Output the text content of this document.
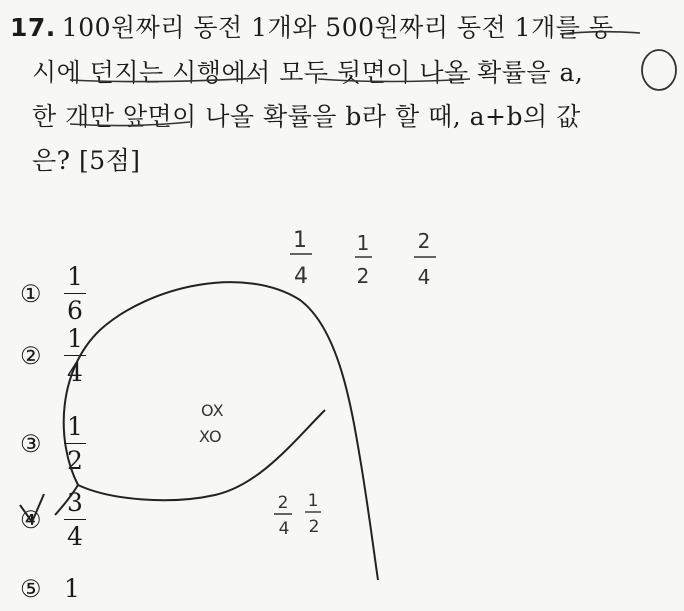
17. 100원짜리 동전 1개와 500원짜리 동전 1개를 동
시에 던지는 시행에서 모두 뒷면이 나올 확률을 a,
한 개만 앞면이 나올 확률을 b라 할 때, a+b의 값
은? [5점]
① $\frac{1}{6}$
② $\frac{1}{4}$
③ $\frac{1}{2}$
④ $\frac{3}{4}$
⑤ 1
1
4
1
2
2
4
OX
XO
2
4
1
2
